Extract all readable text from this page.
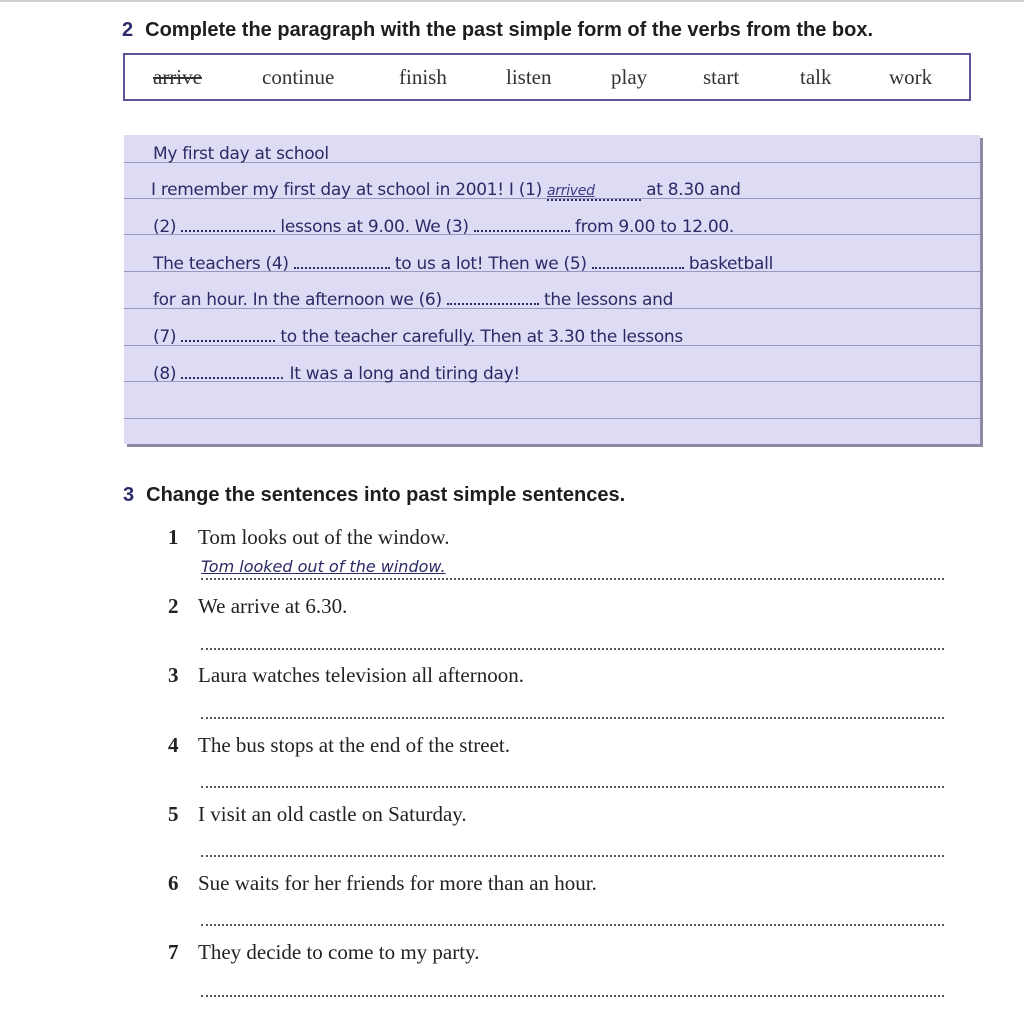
2 Complete the paragraph with the past simple form of the verbs from the box.
arrive	continue	finish	listen	play	start	talk	work
My first day at school
I remember my first day at school in 2001! I (1) arrived	at 8.30 and
(2)	lessons at 9.00. We (3)	from 9.00 to 12.00.
The teachers (4)	to us a lot! Then we (5)	basketball
for an hour. In the afternoon we (6)	the lessons and
(7)	to the teacher carefully. Then at 3.30 the lessons
(8)	. It was a long and tiring day!
3 Change the sentences into past simple sentences.
1 Tom looks out of the window.
Tom looked out of the window.
2 We arrive at 6.30.
3 Laura watches television all afternoon.
4 The bus stops at the end of the street.
5 I visit an old castle on Saturday.
6 Sue waits for her friends for more than an hour.
7 They decide to come to my party.
